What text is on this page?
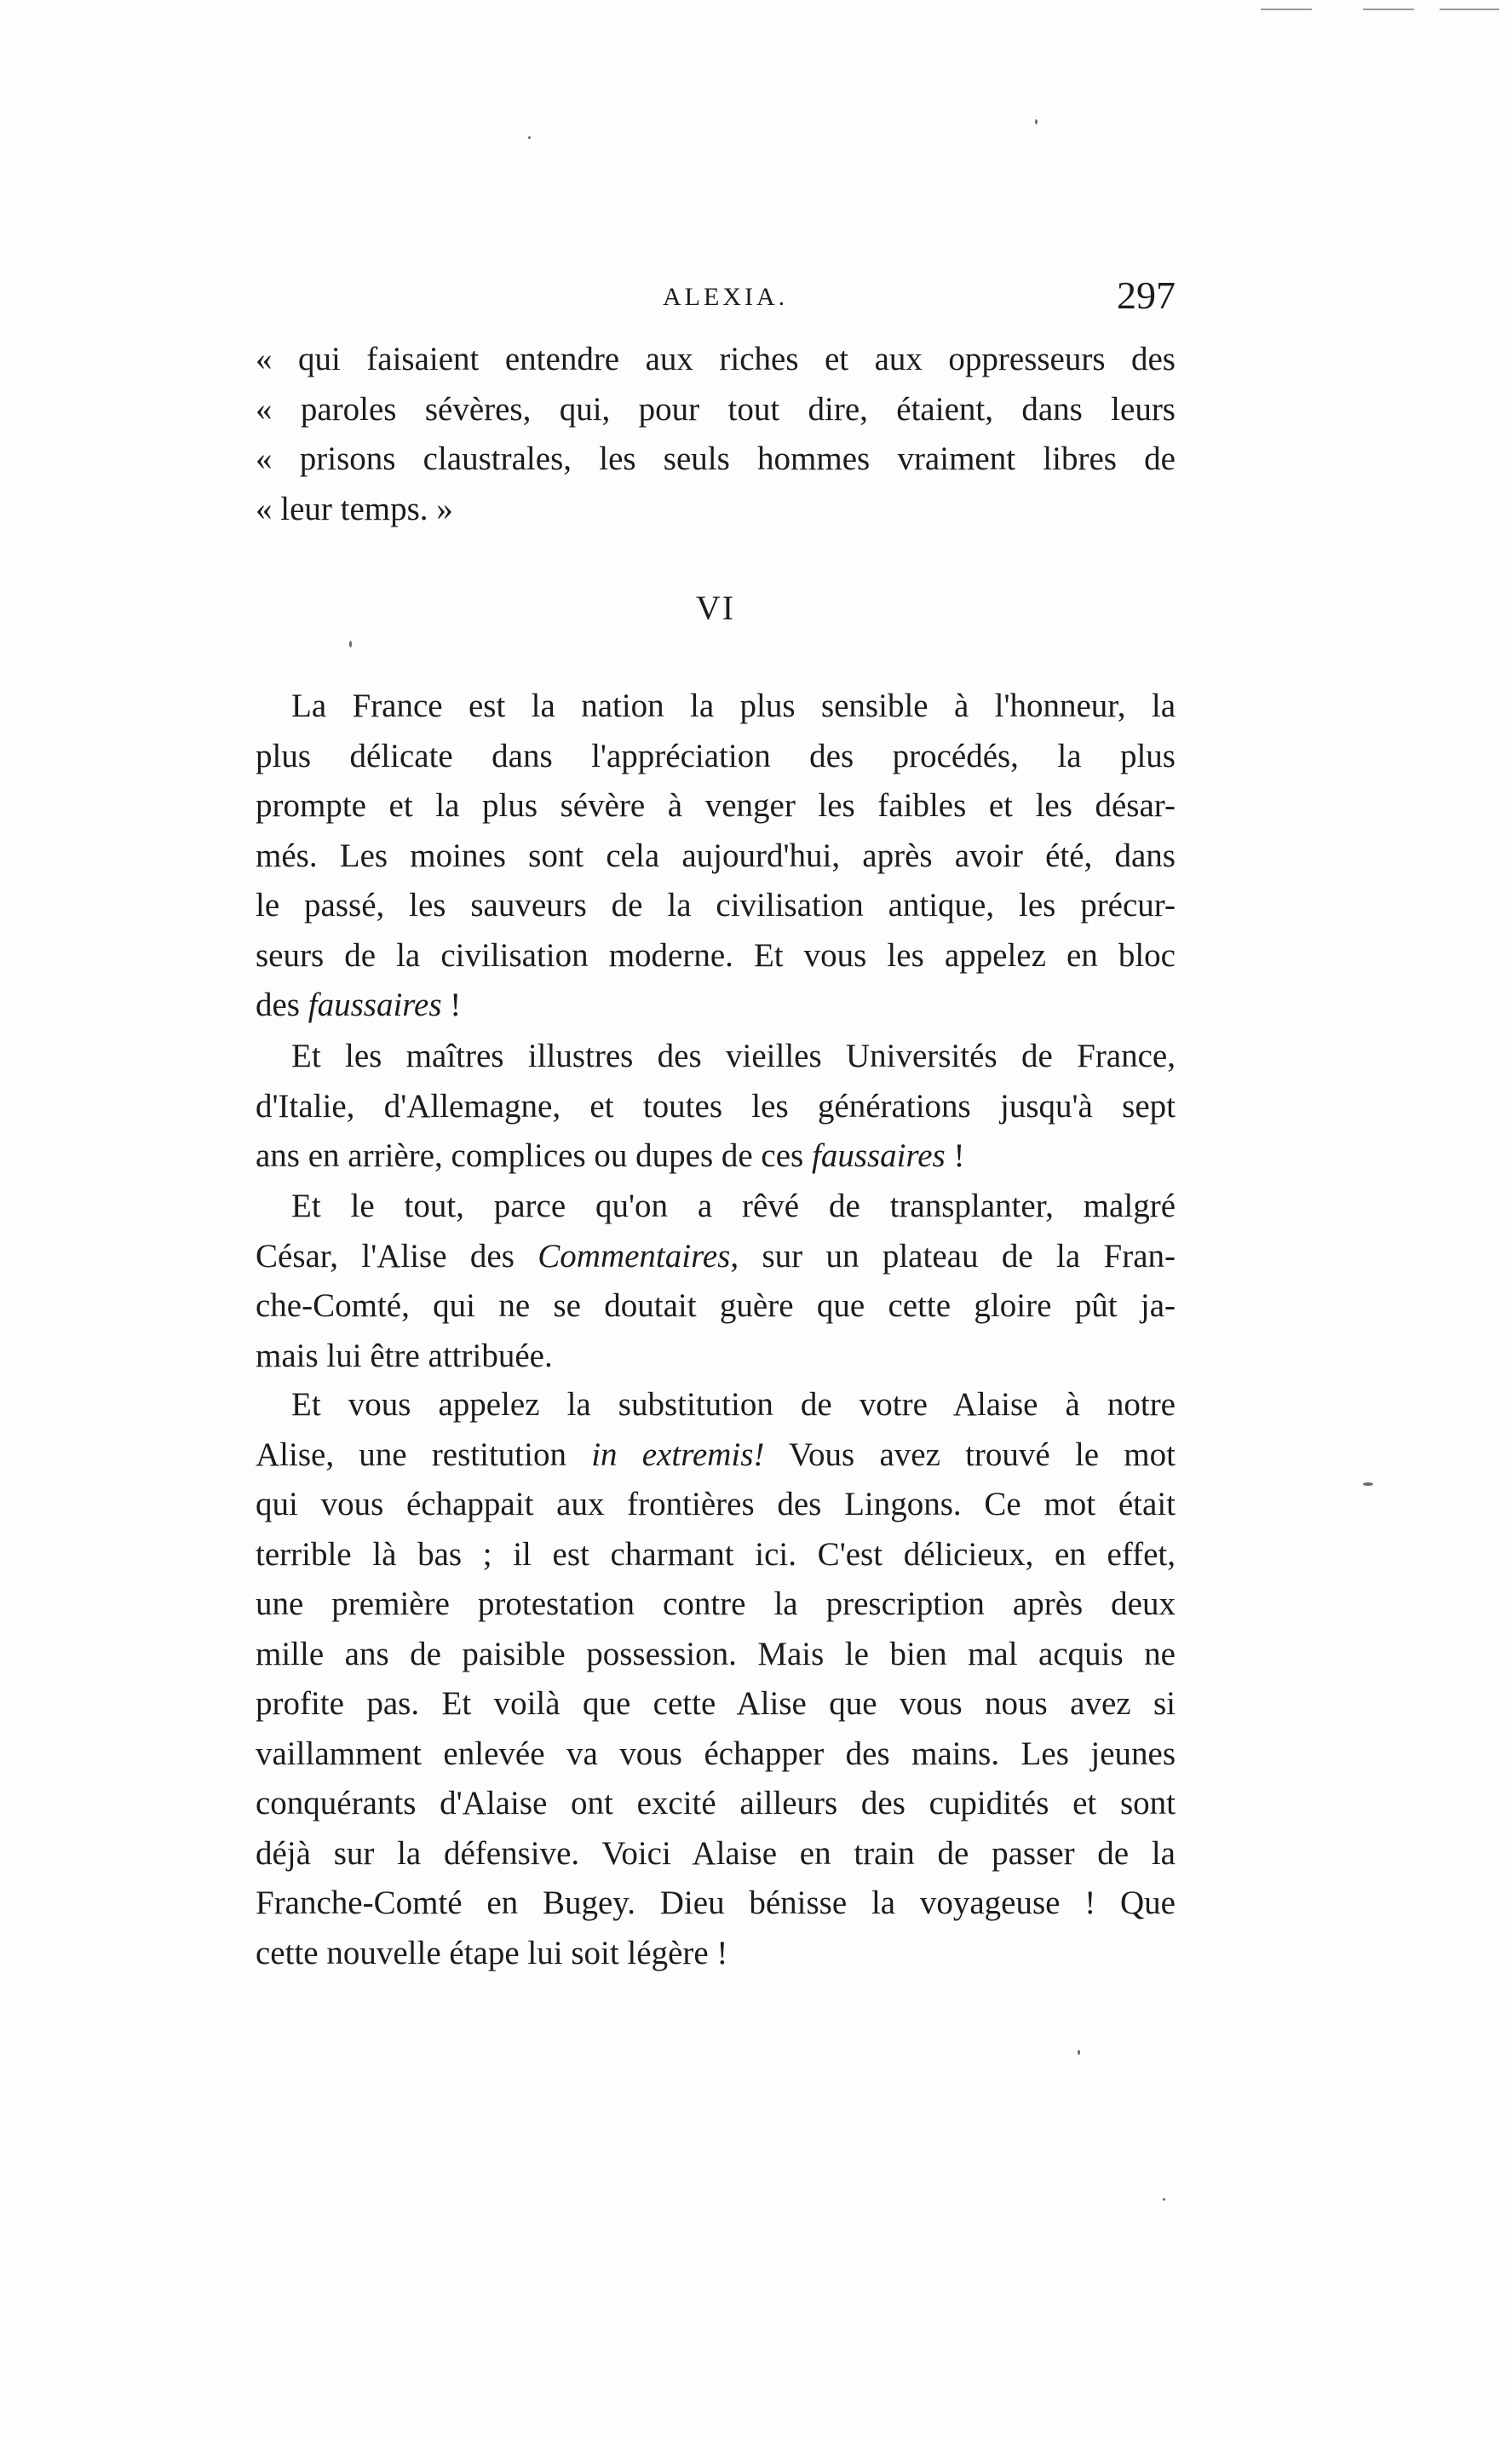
ALEXIA.	297
« qui faisaient entendre aux riches et aux oppresseurs des
« paroles sévères, qui, pour tout dire, étaient, dans leurs
« prisons claustrales, les seuls hommes vraiment libres de
« leur temps. »
VI
La France est la nation la plus sensible à l'honneur, la
plus délicate dans l'appréciation des procédés, la plus
prompte et la plus sévère à venger les faibles et les désar-
més. Les moines sont cela aujourd'hui, après avoir été, dans
le passé, les sauveurs de la civilisation antique, les précur-
seurs de la civilisation moderne. Et vous les appelez en bloc
des faussaires !
Et les maîtres illustres des vieilles Universités de France,
d'Italie, d'Allemagne, et toutes les générations jusqu'à sept
ans en arrière, complices ou dupes de ces faussaires !
Et le tout, parce qu'on a rêvé de transplanter, malgré
César, l'Alise des Commentaires, sur un plateau de la Fran-
che-Comté, qui ne se doutait guère que cette gloire pût ja-
mais lui être attribuée.
Et vous appelez la substitution de votre Alaise à notre
Alise, une restitution in extremis! Vous avez trouvé le mot
qui vous échappait aux frontières des Lingons. Ce mot était
terrible là bas ; il est charmant ici. C'est délicieux, en effet,
une première protestation contre la prescription après deux
mille ans de paisible possession. Mais le bien mal acquis ne
profite pas. Et voilà que cette Alise que vous nous avez si
vaillamment enlevée va vous échapper des mains. Les jeunes
conquérants d'Alaise ont excité ailleurs des cupidités et sont
déjà sur la défensive. Voici Alaise en train de passer de la
Franche-Comté en Bugey. Dieu bénisse la voyageuse ! Que
cette nouvelle étape lui soit légère !
